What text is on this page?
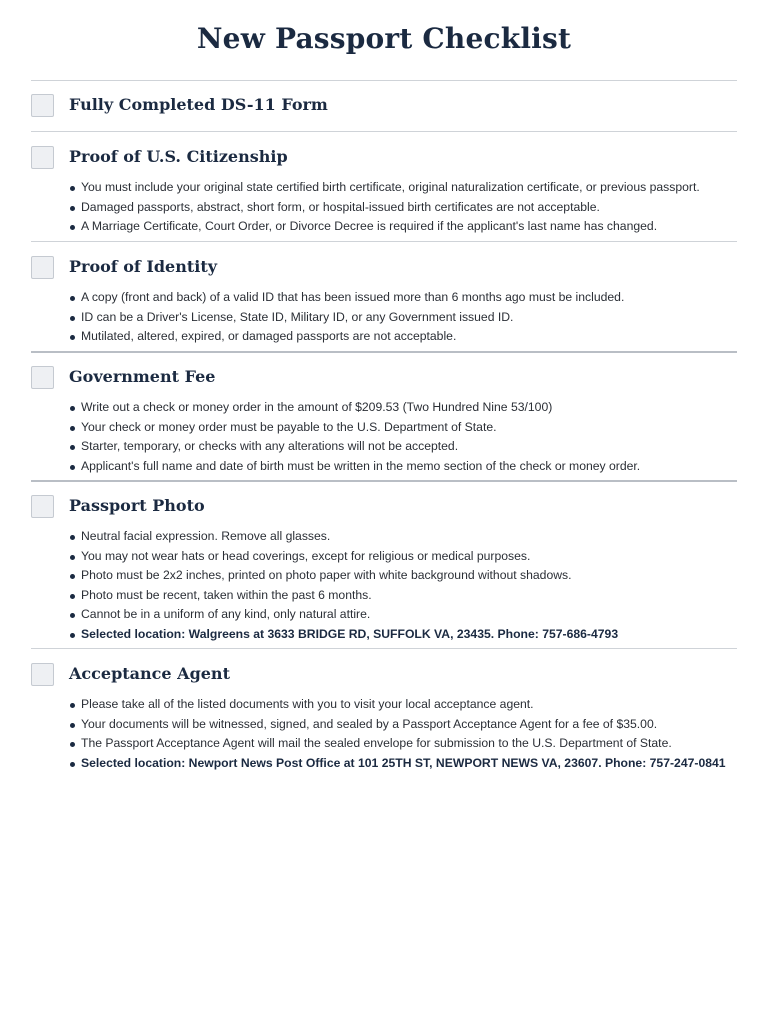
New Passport Checklist
Fully Completed DS-11 Form
Proof of U.S. Citizenship
You must include your original state certified birth certificate, original naturalization certificate, or previous passport.
Damaged passports, abstract, short form, or hospital-issued birth certificates are not acceptable.
A Marriage Certificate, Court Order, or Divorce Decree is required if the applicant's last name has changed.
Proof of Identity
A copy (front and back) of a valid ID that has been issued more than 6 months ago must be included.
ID can be a Driver's License, State ID, Military ID, or any Government issued ID.
Mutilated, altered, expired, or damaged passports are not acceptable.
Government Fee
Write out a check or money order in the amount of $209.53 (Two Hundred Nine 53/100)
Your check or money order must be payable to the U.S. Department of State.
Starter, temporary, or checks with any alterations will not be accepted.
Applicant's full name and date of birth must be written in the memo section of the check or money order.
Passport Photo
Neutral facial expression. Remove all glasses.
You may not wear hats or head coverings, except for religious or medical purposes.
Photo must be 2x2 inches, printed on photo paper with white background without shadows.
Photo must be recent, taken within the past 6 months.
Cannot be in a uniform of any kind, only natural attire.
Selected location: Walgreens at 3633 BRIDGE RD, SUFFOLK VA, 23435. Phone: 757-686-4793
Acceptance Agent
Please take all of the listed documents with you to visit your local acceptance agent.
Your documents will be witnessed, signed, and sealed by a Passport Acceptance Agent for a fee of $35.00.
The Passport Acceptance Agent will mail the sealed envelope for submission to the U.S. Department of State.
Selected location: Newport News Post Office at 101 25TH ST, NEWPORT NEWS VA, 23607. Phone: 757-247-0841
